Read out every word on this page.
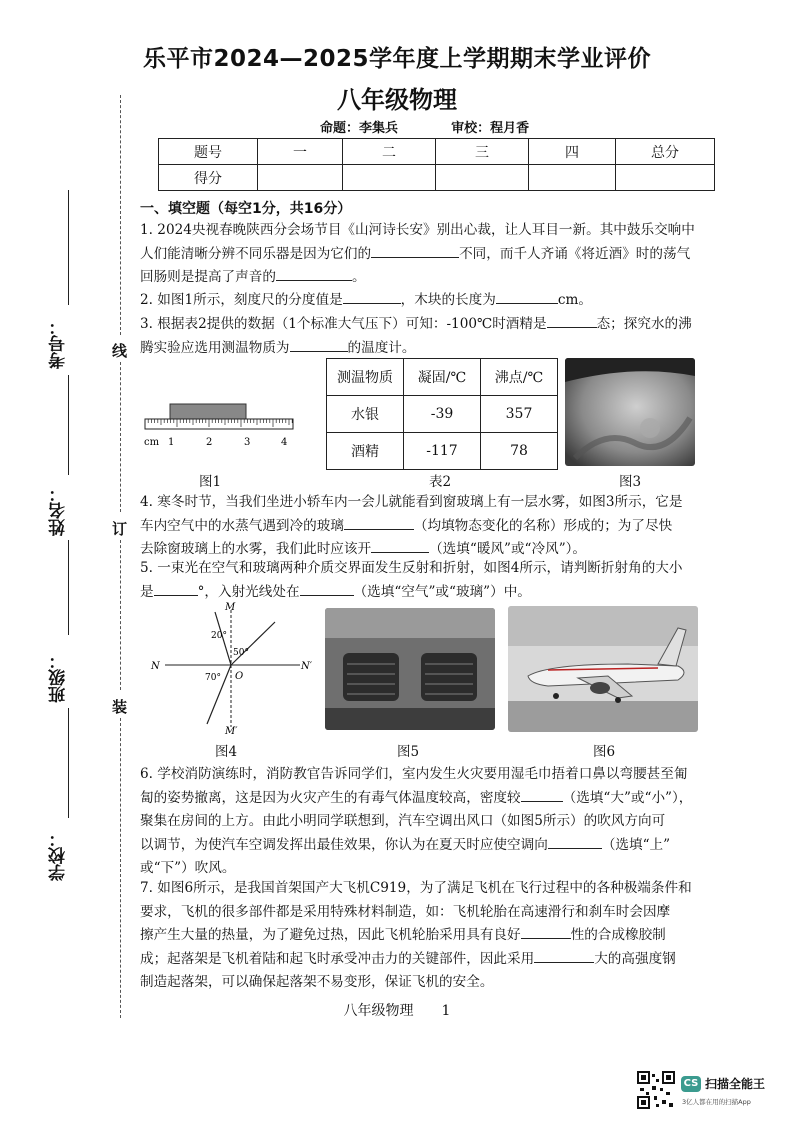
乐平市2024—2025学年度上学期期末学业评价
八年级物理
命题：李集兵	审校：程月香
题号	一	二	三	四	总分
得分					
考号：
姓名：
班级：
学校：
线
订
装
一、填空题（每空1分，共16分）
1. 2024央视春晚陕西分会场节目《山河诗长安》别出心裁，让人耳目一新。其中鼓乐交响中
人们能清晰分辨不同乐器是因为它们的	不同，而千人齐诵《将近酒》时的荡气
回肠则是提高了声音的	。
2. 如图1所示，刻度尺的分度值是	，木块的长度为	cm。
3. 根据表2提供的数据（1个标准大气压下）可知：-100℃时酒精是	态；探究水的沸
腾实验应选用测温物质为	的温度计。
cm 1	2	3	4
图1
测温物质	凝固/℃	沸点/℃
水银	-39	357
酒精	-117	78
表2	图3
4. 寒冬时节，当我们坐进小轿车内一会儿就能看到窗玻璃上有一层水雾，如图3所示，它是
车内空气中的水蒸气遇到冷的玻璃	（均填物态变化的名称）形成的；为了尽快
去除窗玻璃上的水雾，我们此时应该开	（选填“暖风”或“冷风”）。
5. 一束光在空气和玻璃两种介质交界面发生反射和折射，如图4所示，请判断折射角的大小
是	°，入射光线处在	（选填“空气”或“玻璃”）中。
M
M′
N	N′
O
20°
50°
70°
图4	图5	图6
6. 学校消防演练时，消防教官告诉同学们，室内发生火灾要用湿毛巾捂着口鼻以弯腰甚至匍
匐的姿势撤离，这是因为火灾产生的有毒气体温度较高，密度较	（选填“大”或“小”），
聚集在房间的上方。由此小明同学联想到，汽车空调出风口（如图5所示）的吹风方向可
以调节，为使汽车空调发挥出最佳效果，你认为在夏天时应使空调向	（选填“上”
或“下”）吹风。
7. 如图6所示，是我国首架国产大飞机C919，为了满足飞机在飞行过程中的各种极端条件和
要求，飞机的很多部件都是采用特殊材料制造，如：飞机轮胎在高速滑行和刹车时会因摩
擦产生大量的热量，为了避免过热，因此飞机轮胎采用具有良好	性的合成橡胶制
成；起落架是飞机着陆和起飞时承受冲击力的关键部件，因此采用	大的高强度钢
制造起落架，可以确保起落架不易变形，保证飞机的安全。
八年级物理　　1
CS 扫描全能王
3亿人都在用的扫描App
